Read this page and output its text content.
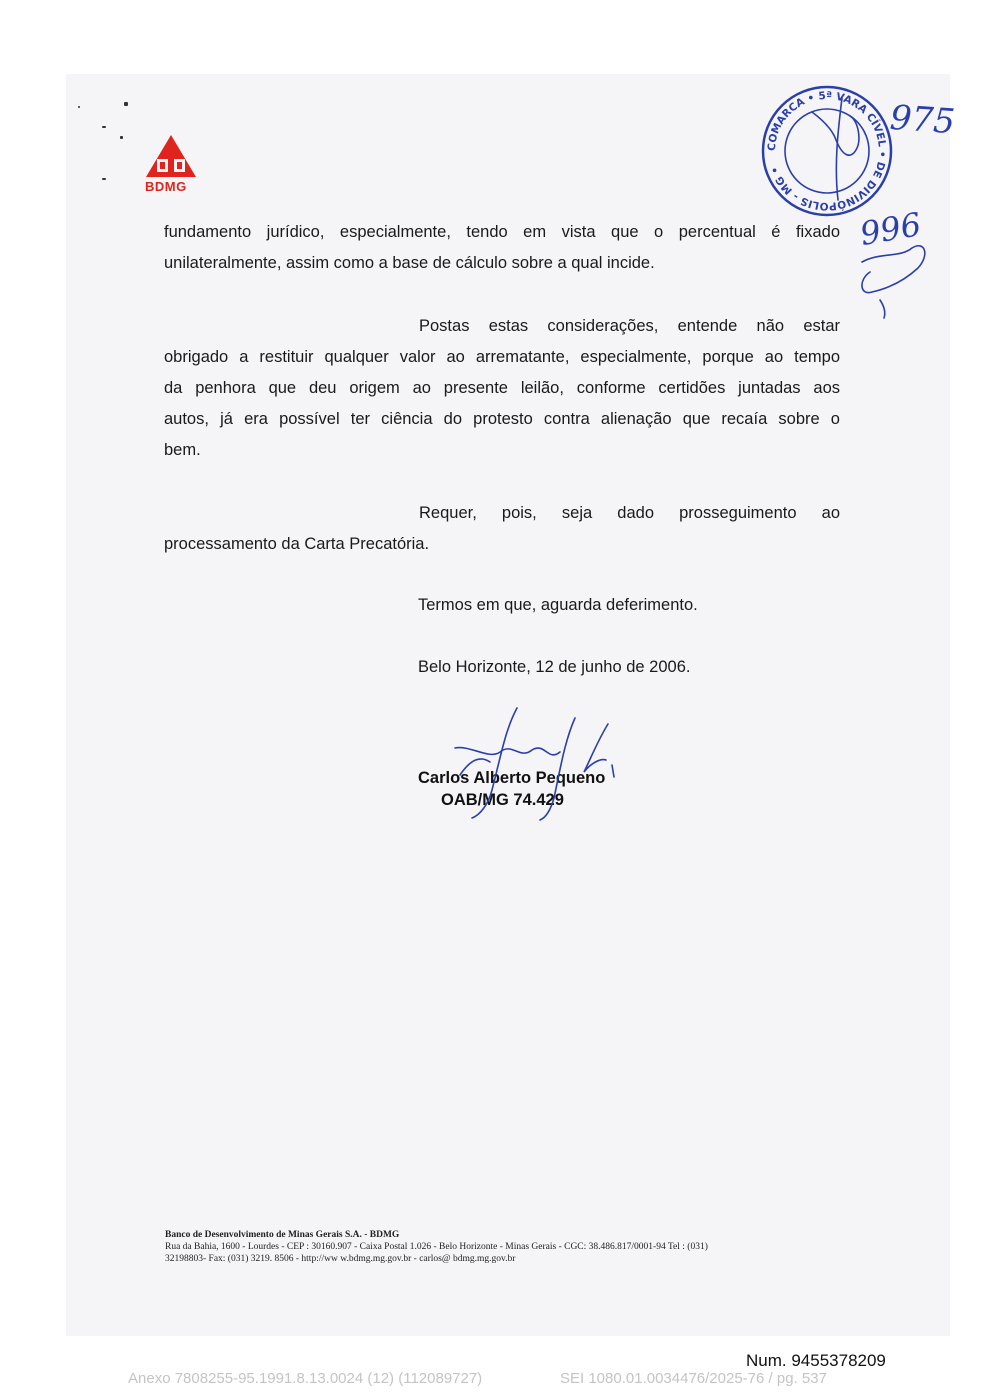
BDMG
fundamento jurídico, especialmente, tendo em vista que o percentual é fixado
unilateralmente, assim como a base de cálculo sobre a qual incide.
Postas estas considerações, entende não estar
obrigado a restituir qualquer valor ao arrematante, especialmente, porque ao tempo
da penhora que deu origem ao presente leilão, conforme certidões juntadas aos
autos, já era possível ter ciência do protesto contra alienação que recaía sobre o
bem.
Requer, pois, seja dado prosseguimento ao
processamento da Carta Precatória.
Termos em que, aguarda deferimento.
Belo Horizonte, 12 de junho de 2006.
Carlos Alberto Pequeno
OAB/MG 74.429
Banco de Desenvolvimento de Minas Gerais S.A. - BDMG
Rua da Bahia, 1600 - Lourdes - CEP : 30160.907 - Caixa Postal 1.026 - Belo Horizonte - Minas Gerais - CGC: 38.486.817/0001-94 Tel : (031)
32198803- Fax: (031) 3219. 8506 - http://ww w.bdmg.mg.gov.br - carlos@ bdmg.mg.gov.br
COMARCA • 5ª VARA CÍVEL • DE DIVINÓPOLIS - MG •
975
996
Num. 9455378209
Anexo 7808255-95.1991.8.13.0024 (12) (112089727)	SEI 1080.01.0034476/2025-76 / pg. 537
